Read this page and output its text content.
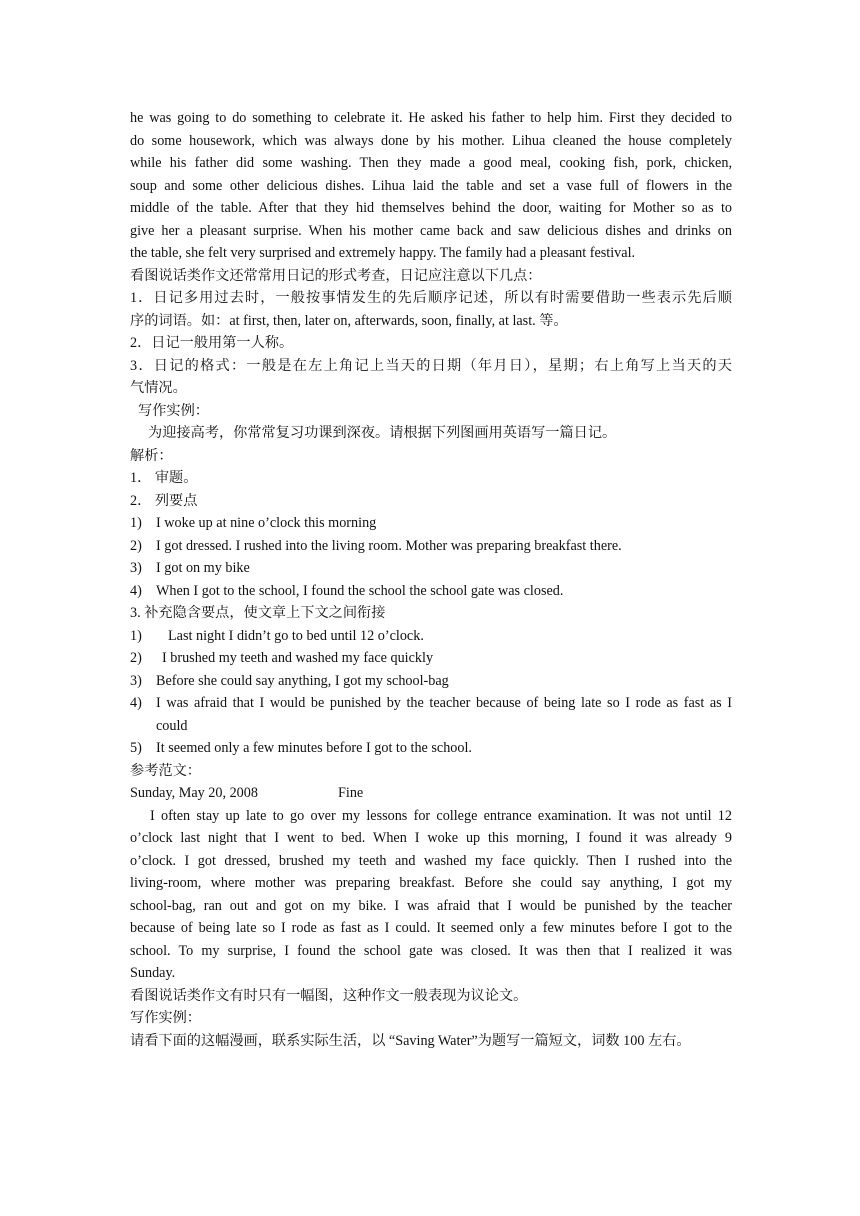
he was going to do something to celebrate it. He asked his father to help him. First they decided to
do some housework, which was always done by his mother. Lihua cleaned the house completely
while his father did some washing. Then they made a good meal, cooking fish, pork, chicken,
soup and some other delicious dishes. Lihua laid the table and set a vase full of flowers in the
middle of the table. After that they hid themselves behind the door, waiting for Mother so as to
give her a pleasant surprise. When his mother came back and saw delicious dishes and drinks on
the table, she felt very surprised and extremely happy. The family had a pleasant festival.
看图说话类作文还常常用日记的形式考查，日记应注意以下几点：
1．日记多用过去时，一般按事情发生的先后顺序记述，所以有时需要借助一些表示先后顺
序的词语。如：at first, then, later on, afterwards, soon, finally, at last. 等。
2．日记一般用第一人称。
3．日记的格式：一般是在左上角记上当天的日期（年月日），星期；右上角写上当天的天
气情况。
写作实例：
为迎接高考，你常常复习功课到深夜。请根据下列图画用英语写一篇日记。
解析：
1． 审题。
2． 列要点
1) I woke up at nine o’clock this morning
2) I got dressed. I rushed into the living room. Mother was preparing breakfast there.
3) I got on my bike
4) When I got to the school, I found the school the school gate was closed.
3. 补充隐含要点，使文章上下文之间衔接
1)	Last night I didn’t go to bed until 12 o’clock.
2)	I brushed my teeth and washed my face quickly
3) Before she could say anything, I got my school-bag
4) I was afraid that I would be punished by the teacher because of being late so I rode as fast as I
could
5) It seemed only a few minutes before I got to the school.
参考范文：
Sunday, May 20, 2008	Fine
I often stay up late to go over my lessons for college entrance examination. It was not until 12
o’clock last night that I went to bed. When I woke up this morning, I found it was already 9
o’clock. I got dressed, brushed my teeth and washed my face quickly. Then I rushed into the
living-room, where mother was preparing breakfast. Before she could say anything, I got my
school-bag, ran out and got on my bike. I was afraid that I would be punished by the teacher
because of being late so I rode as fast as I could. It seemed only a few minutes before I got to the
school. To my surprise, I found the school gate was closed. It was then that I realized it was
Sunday.
看图说话类作文有时只有一幅图，这种作文一般表现为议论文。
写作实例：
请看下面的这幅漫画，联系实际生活，以 “Saving Water”为题写一篇短文，词数 100 左右。
